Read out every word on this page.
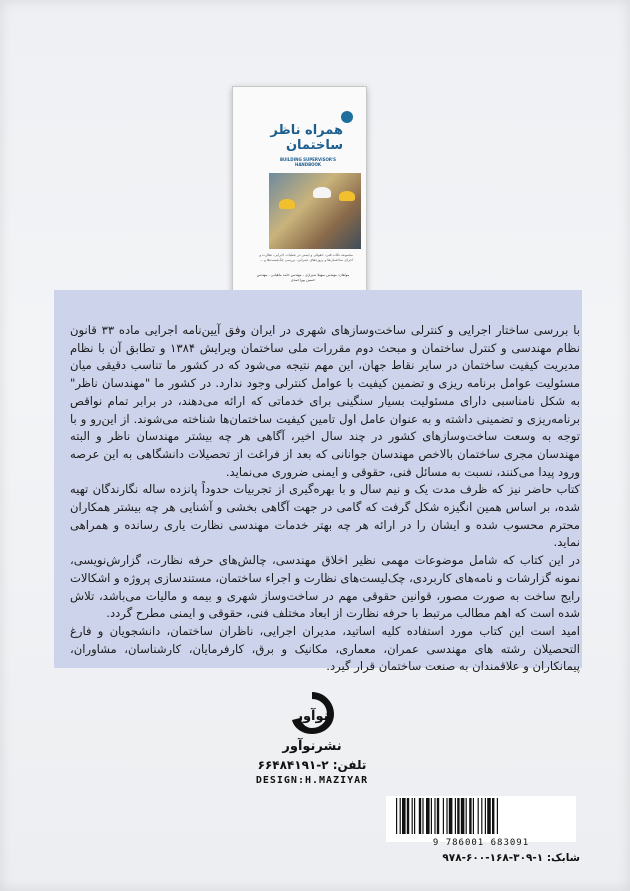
همراه ناظر
ساختمان
BUILDING SUPERVISOR'S HANDBOOK
مجموعه نکات فنی، حقوقی و ایمنی در عملیات اجرایی، نظارت و اجرای ساختمان‌ها و پروژه‌های عمرانی، بررسی چک‌لیست‌ها و ...
مولفان: مهندس سهیلا شیرازی - مهندس حامد ماهیانی - مهندس حسین پوراحمدی

با بررسی ساختار اجرایی و کنترلی ساخت‌وسازهای شهری در ایران وفق آیین‌نامه اجرایی ماده ۳۳ قانون نظام مهندسی و کنترل ساختمان و مبحث دوم مقررات ملی ساختمان ویرایش ۱۳۸۴ و تطابق آن با نظام مدیریت کیفیت ساختمان در سایر نقاط جهان، این مهم نتیجه می‌شود که در کشور ما تناسب دقیقی میان مسئولیت عوامل برنامه ریزی و تضمین کیفیت با عوامل کنترلی وجود ندارد. در کشور ما "مهندسان ناظر" به شکل نامناسبی دارای مسئولیت بسیار سنگینی برای خدماتی که ارائه می‌دهند، در برابر تمام نواقص برنامه‌ریزی و تضمینی داشته و به عنوان عامل اول تامین کیفیت ساختمان‌ها شناخته می‌شوند. از این‌رو و با توجه به وسعت ساخت‌وسازهای کشور در چند سال اخیر، آگاهی هر چه بیشتر مهندسان ناظر و البته مهندسان مجری ساختمان بالاخص مهندسان جوانانی که بعد از فراغت از تحصیلات دانشگاهی به این عرصه ورود پیدا می‌کنند، نسبت به مسائل فنی، حقوقی و ایمنی ضروری می‌نماید.

کتاب حاضر نیز که ظرف مدت یک و نیم سال و با بهره‌گیری از تجربیات حدوداً پانزده ساله نگارندگان تهیه شده، بر اساس همین انگیزه شکل گرفت که گامی در جهت آگاهی بخشی و آشنایی هر چه بیشتر همکاران محترم محسوب شده و ایشان را در ارائه هر چه بهتر خدمات مهندسی نظارت یاری رسانده و همراهی نماید.

در این کتاب که شامل موضوعات مهمی نظیر اخلاق مهندسی، چالش‌های حرفه نظارت، گزارش‌نویسی، نمونه گزارشات و نامه‌های کاربردی، چک‌لیست‌های نظارت و اجراء ساختمان، مستندسازی پروژه و اشکالات رایج ساخت به صورت مصور، قوانین حقوقی مهم در ساخت‌وساز شهری و بیمه و مالیات می‌باشد، تلاش شده است که اهم مطالب مرتبط با حرفه نظارت از ابعاد مختلف فنی، حقوقی و ایمنی مطرح گردد.

امید است این کتاب مورد استفاده کلیه اساتید، مدیران اجرایی، ناظران ساختمان، دانشجویان و فارغ التحصیلان رشته های مهندسی عمران، معماری، مکانیک و برق، کارفرمایان، کارشناسان، مشاوران، پیمانکاران و علاقمندان به صنعت ساختمان قرار گیرد.

نوآور
نشرنوآور
تلفن: ۲-۶۶۴۸۴۱۹۱
DESIGN:H.MAZIYAR
9 786001 683091
شابک: ۱-۳۰۹-۱۶۸-۶۰۰-۹۷۸
